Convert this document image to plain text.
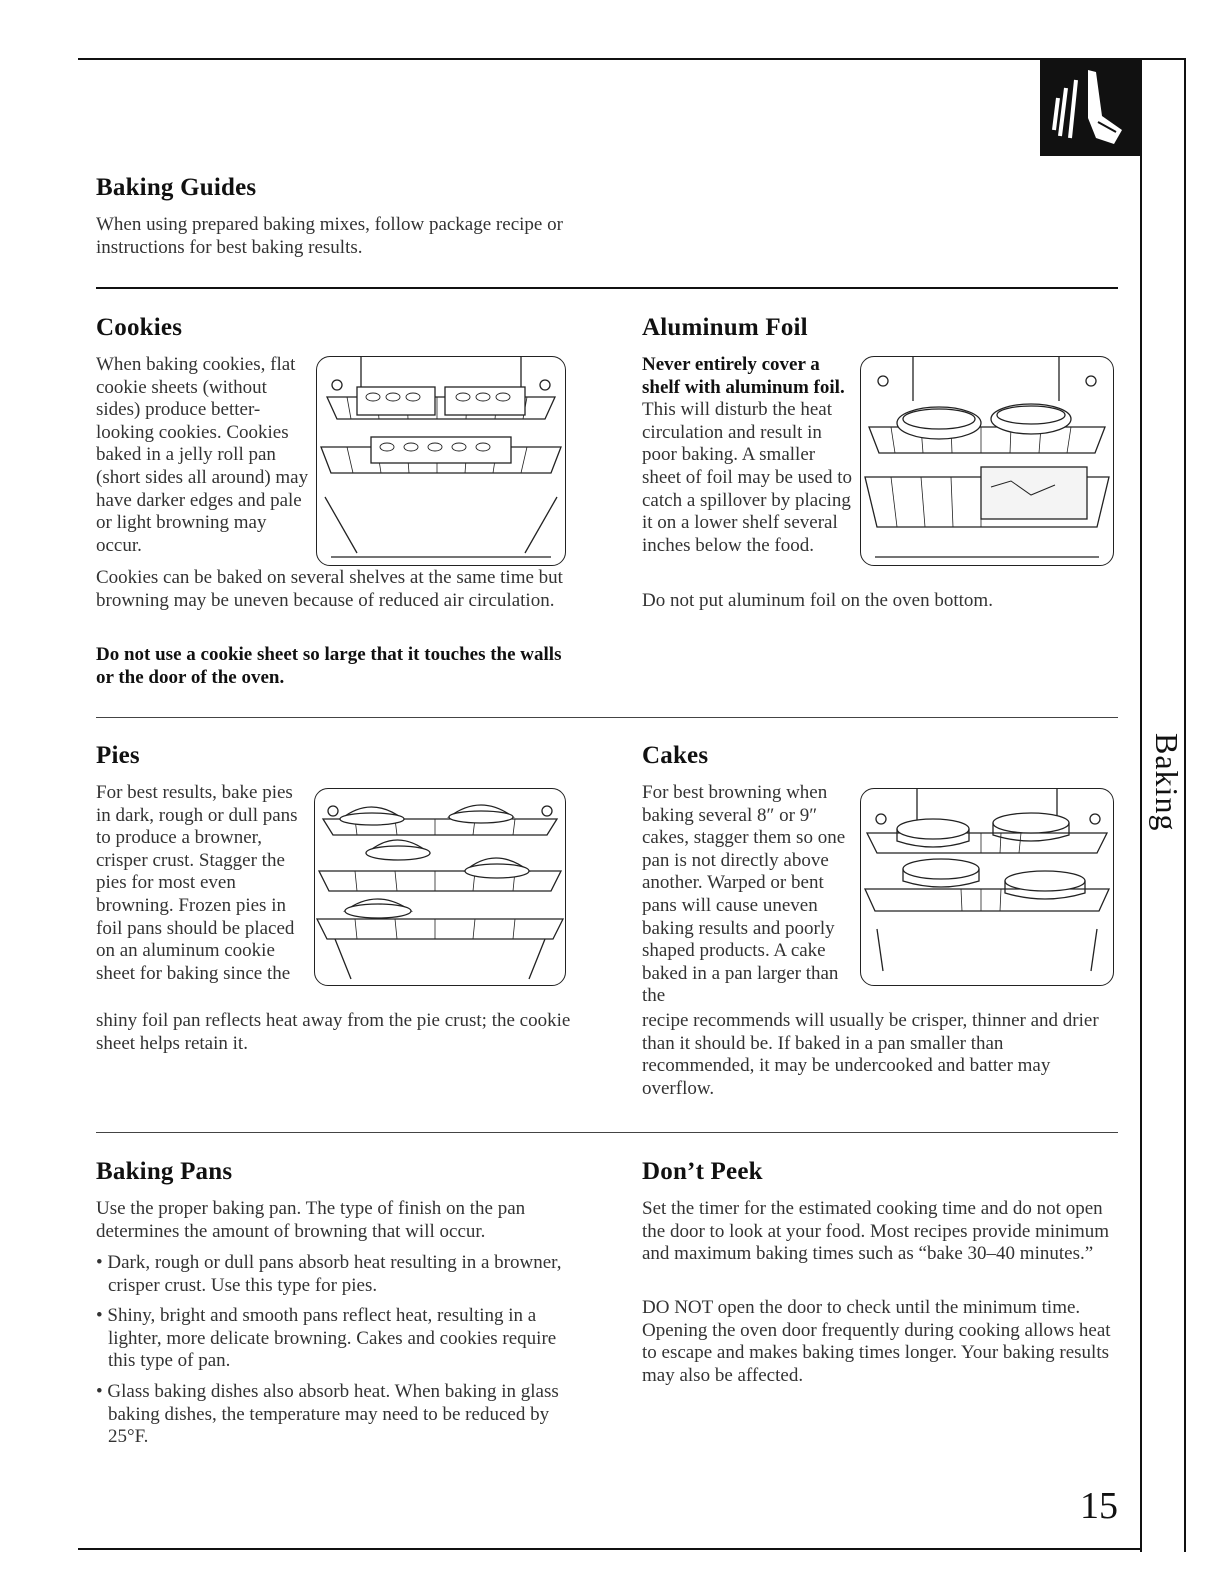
Baking
Baking Guides

When using prepared baking mixes, follow package recipe or instructions for best baking results.

Cookies

When baking cookies, flat cookie sheets (without sides) produce better-looking cookies. Cookies baked in a jelly roll pan (short sides all around) may have darker edges and pale or light browning may occur.

Cookies can be baked on several shelves at the same time but browning may be uneven because of reduced air circulation.

Do not use a cookie sheet so large that it touches the walls or the door of the oven.

Aluminum Foil

Never entirely cover a shelf with aluminum foil. This will disturb the heat circulation and result in poor baking. A smaller sheet of foil may be used to catch a spillover by placing it on a lower shelf several inches below the food.

Do not put aluminum foil on the oven bottom.

Pies

For best results, bake pies in dark, rough or dull pans to produce a browner, crisper crust. Stagger the pies for most even browning. Frozen pies in foil pans should be placed on an aluminum cookie sheet for baking since the

shiny foil pan reflects heat away from the pie crust; the cookie sheet helps retain it.

Cakes

For best browning when baking several 8″ or 9″ cakes, stagger them so one pan is not directly above another. Warped or bent pans will cause uneven baking results and poorly shaped products. A cake baked in a pan larger than the

recipe recommends will usually be crisper, thinner and drier than it should be. If baked in a pan smaller than recommended, it may be undercooked and batter may overflow.

Baking Pans

Use the proper baking pan. The type of finish on the pan determines the amount of browning that will occur.

• Dark, rough or dull pans absorb heat resulting in a browner, crisper crust. Use this type for pies.
• Shiny, bright and smooth pans reflect heat, resulting in a lighter, more delicate browning. Cakes and cookies require this type of pan.
• Glass baking dishes also absorb heat. When baking in glass baking dishes, the temperature may need to be reduced by 25°F.
Don’t Peek

Set the timer for the estimated cooking time and do not open the door to look at your food. Most recipes provide minimum and maximum baking times such as “bake 30–40 minutes.”

DO NOT open the door to check until the minimum time. Opening the oven door frequently during cooking allows heat to escape and makes baking times longer. Your baking results may also be affected.

15
